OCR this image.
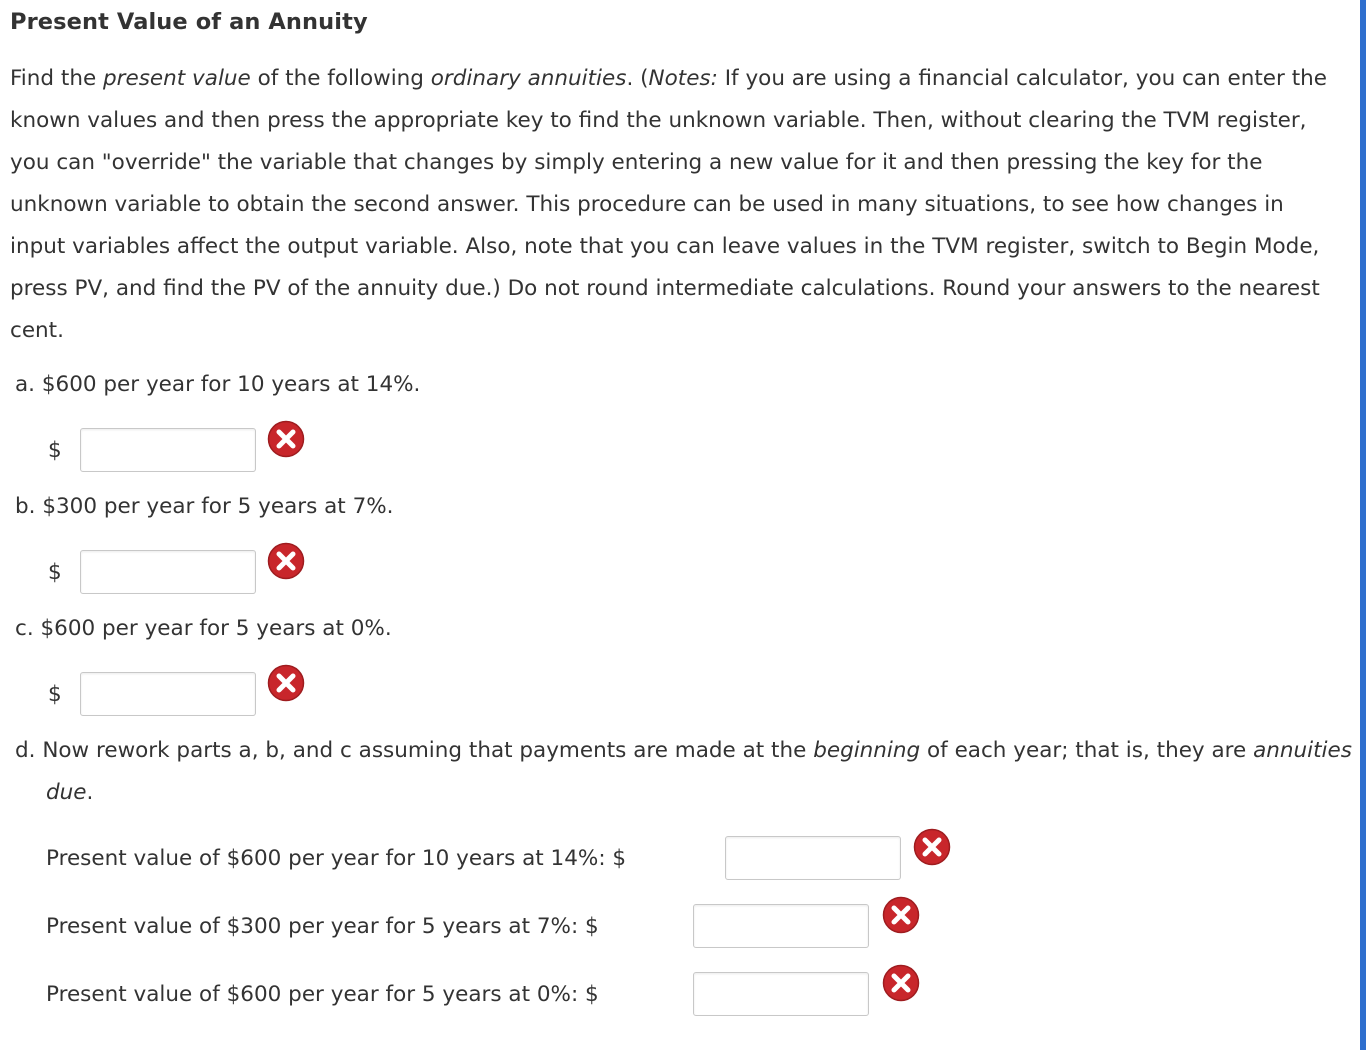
Present Value of an Annuity

Find the present value of the following ordinary annuities. (Notes: If you are using a financial calculator, you can enter the known values and then press the appropriate key to find the unknown variable. Then, without clearing the TVM register, you can "override" the variable that changes by simply entering a new value for it and then pressing the key for the unknown variable to obtain the second answer. This procedure can be used in many situations, to see how changes in input variables affect the output variable. Also, note that you can leave values in the TVM register, switch to Begin Mode, press PV, and find the PV of the annuity due.) Do not round intermediate calculations. Round your answers to the nearest cent.

a. $600 per year for 10 years at 14%.
$
b. $300 per year for 5 years at 7%.
$
c. $600 per year for 5 years at 0%.
$
d. Now rework parts a, b, and c assuming that payments are made at the beginning of each year; that is, they are annuities due.
Present value of $600 per year for 10 years at 14%: $
Present value of $300 per year for 5 years at 7%: $
Present value of $600 per year for 5 years at 0%: $
